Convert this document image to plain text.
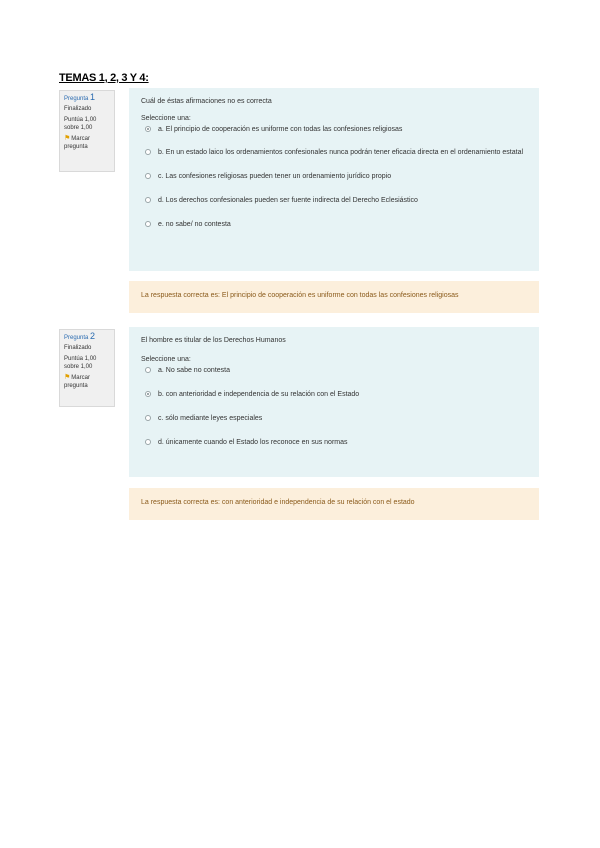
TEMAS 1, 2, 3 Y 4:
Pregunta 1
Finalizado
Puntúa 1,00 sobre 1,00
⚑Marcar pregunta
Cuál de éstas afirmaciones no es correcta
Seleccione una:
a. El principio de cooperación es uniforme con todas las confesiones religiosas
b. En un estado laico los ordenamientos confesionales nunca podrán tener eficacia directa en el ordenamiento estatal
c. Las confesiones religiosas pueden tener un ordenamiento jurídico propio
d. Los derechos confesionales pueden ser fuente indirecta del Derecho Eclesiástico
e. no sabe/ no contesta
La respuesta correcta es: El principio de cooperación es uniforme con todas las confesiones religiosas
Pregunta 2
Finalizado
Puntúa 1,00 sobre 1,00
⚑Marcar pregunta
El hombre es titular de los Derechos Humanos
Seleccione una:
a. No sabe no contesta
b. con anterioridad e independencia de su relación con el Estado
c. sólo mediante leyes especiales
d. únicamente cuando el Estado los reconoce en sus normas
La respuesta correcta es: con anterioridad e independencia de su relación con el estado
